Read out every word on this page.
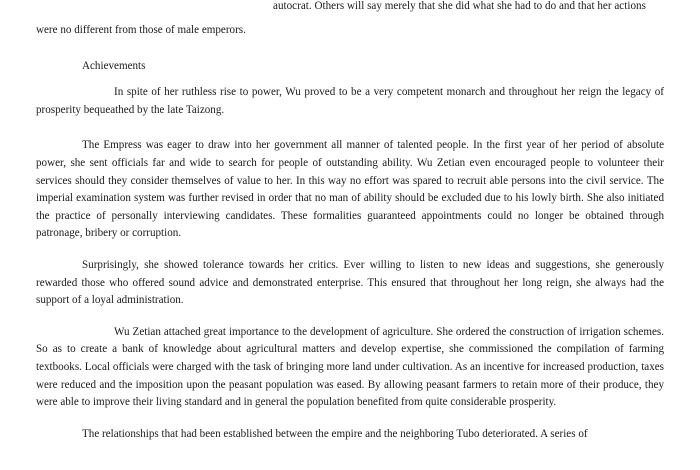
autocrat. Others will say merely that she did what she had to do and that her actions

were no different from those of male emperors.

Achievements

In spite of her ruthless rise to power, Wu proved to be a very competent monarch and throughout her reign the legacy of prosperity bequeathed by the late Taizong.

The Empress was eager to draw into her government all manner of talented people. In the first year of her period of absolute power, she sent officials far and wide to search for people of outstanding ability. Wu Zetian even encouraged people to volunteer their services should they consider themselves of value to her. In this way no effort was spared to recruit able persons into the civil service. The imperial examination system was further revised in order that no man of ability should be excluded due to his lowly birth. She also initiated the practice of personally interviewing candidates. These formalities guaranteed appointments could no longer be obtained through patronage, bribery or corruption.

Surprisingly, she showed tolerance towards her critics. Ever willing to listen to new ideas and suggestions, she generously rewarded those who offered sound advice and demonstrated enterprise. This ensured that throughout her long reign, she always had the support of a loyal administration.

Wu Zetian attached great importance to the development of agriculture. She ordered the construction of irrigation schemes. So as to create a bank of knowledge about agricultural matters and develop expertise, she commissioned the compilation of farming textbooks. Local officials were charged with the task of bringing more land under cultivation. As an incentive for increased production, taxes were reduced and the imposition upon the peasant population was eased. By allowing peasant farmers to retain more of their produce, they were able to improve their living standard and in general the population benefited from quite considerable prosperity.

The relationships that had been established between the empire and the neighboring Tubo deteriorated. A series of
